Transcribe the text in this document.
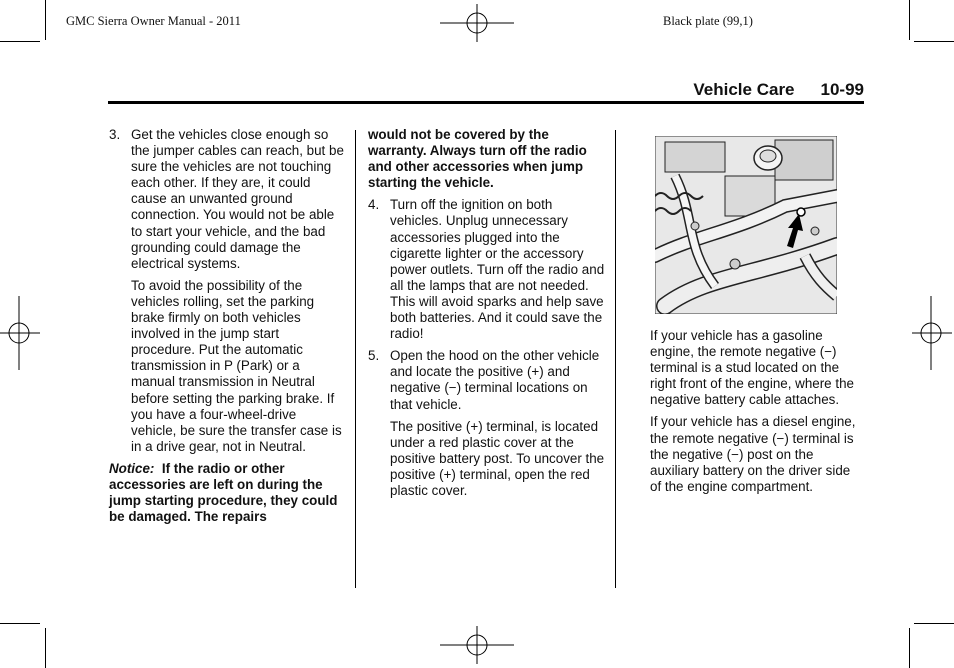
GMC Sierra Owner Manual - 2011	Black plate (99,1)
Vehicle Care 10-99
3. Get the vehicles close enough so the jumper cables can reach, but be sure the vehicles are not touching each other. If they are, it could cause an unwanted ground connection. You would not be able to start your vehicle, and the bad grounding could damage the electrical systems.

To avoid the possibility of the vehicles rolling, set the parking brake firmly on both vehicles involved in the jump start procedure. Put the automatic transmission in P (Park) or a manual transmission in Neutral before setting the parking brake. If you have a four-wheel-drive vehicle, be sure the transfer case is in a drive gear, not in Neutral.

Notice: If the radio or other accessories are left on during the jump starting procedure, they could be damaged. The repairs

would not be covered by the warranty. Always turn off the radio and other accessories when jump starting the vehicle.

4. Turn off the ignition on both vehicles. Unplug unnecessary accessories plugged into the cigarette lighter or the accessory power outlets. Turn off the radio and all the lamps that are not needed. This will avoid sparks and help save both batteries. And it could save the radio!
5. Open the hood on the other vehicle and locate the positive (+) and negative (−) terminal locations on that vehicle.

The positive (+) terminal, is located under a red plastic cover at the positive battery post. To uncover the positive (+) terminal, open the red plastic cover.

If your vehicle has a gasoline engine, the remote negative (−) terminal is a stud located on the right front of the engine, where the negative battery cable attaches.

If your vehicle has a diesel engine, the remote negative (−) terminal is the negative (−) post on the auxiliary battery on the driver side of the engine compartment.
